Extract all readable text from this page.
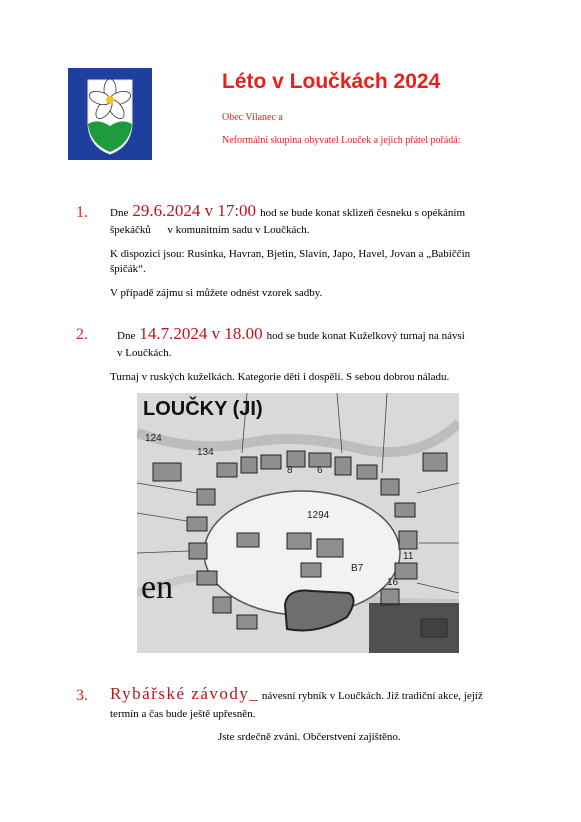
Léto v Loučkách 2024
Obec Vilanec a
Neformální skupina obyvatel Louček a jejich přátel pořádá:
1. Dne 29.6.2024 v 17:00 hod se bude konat sklizeň česneku s opékáním
špekáčků      v komunitním sadu v Loučkách.
K dispozici jsou: Rusinka, Havran, Bjetin, Slavín, Japo, Havel, Jovan a „Babiččin
špičák“.
V případě zájmu si můžete odnést vzorek sadby.
2.	Dne 14.7.2024 v 18.00 hod se bude konat Kuželkový turnaj na návsi
v Loučkách.
Turnaj v ruských kuželkách. Kategorie děti i dospělí. S sebou dobrou náladu.
LOUČKY (JI)
124
134
1294
B7
11
16
8 6
en
3. Rybářské závody_ návesní rybník v Loučkách. Již tradiční akce, jejíž
termín a čas bude ještě upřesněn.
Jste srdečně zváni. Občerstvení zajištěno.
